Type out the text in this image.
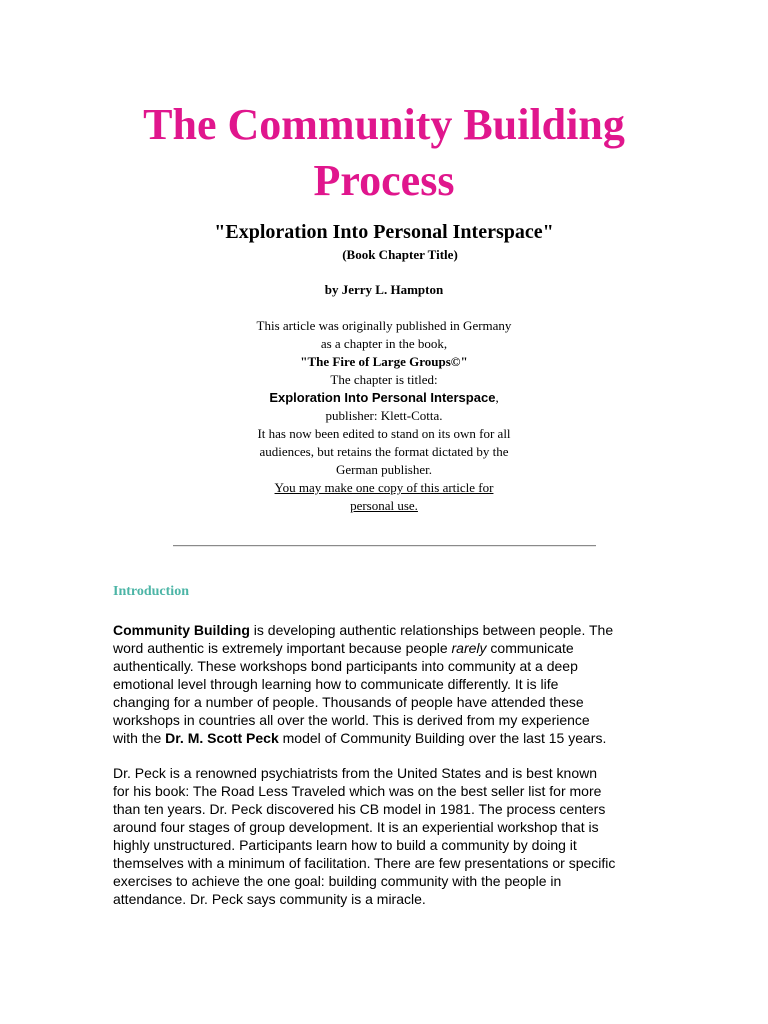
The Community Building
Process
"Exploration Into Personal Interspace"
(Book Chapter Title)
by Jerry L. Hampton
This article was originally published in Germany
as a chapter in the book,
"The Fire of Large Groups©"
The chapter is titled:
Exploration Into Personal Interspace,
publisher: Klett-Cotta.
It has now been edited to stand on its own for all
audiences, but retains the format dictated by the
German publisher.
You may make one copy of this article for
personal use.
Introduction
Community Building is developing authentic relationships between people. The
word authentic is extremely important because people rarely communicate
authentically. These workshops bond participants into community at a deep
emotional level through learning how to communicate differently. It is life
changing for a number of people. Thousands of people have attended these
workshops in countries all over the world. This is derived from my experience
with the Dr. M. Scott Peck model of Community Building over the last 15 years.
Dr. Peck is a renowned psychiatrists from the United States and is best known
for his book: The Road Less Traveled which was on the best seller list for more
than ten years. Dr. Peck discovered his CB model in 1981. The process centers
around four stages of group development. It is an experiential workshop that is
highly unstructured. Participants learn how to build a community by doing it
themselves with a minimum of facilitation. There are few presentations or specific
exercises to achieve the one goal: building community with the people in
attendance. Dr. Peck says community is a miracle.
